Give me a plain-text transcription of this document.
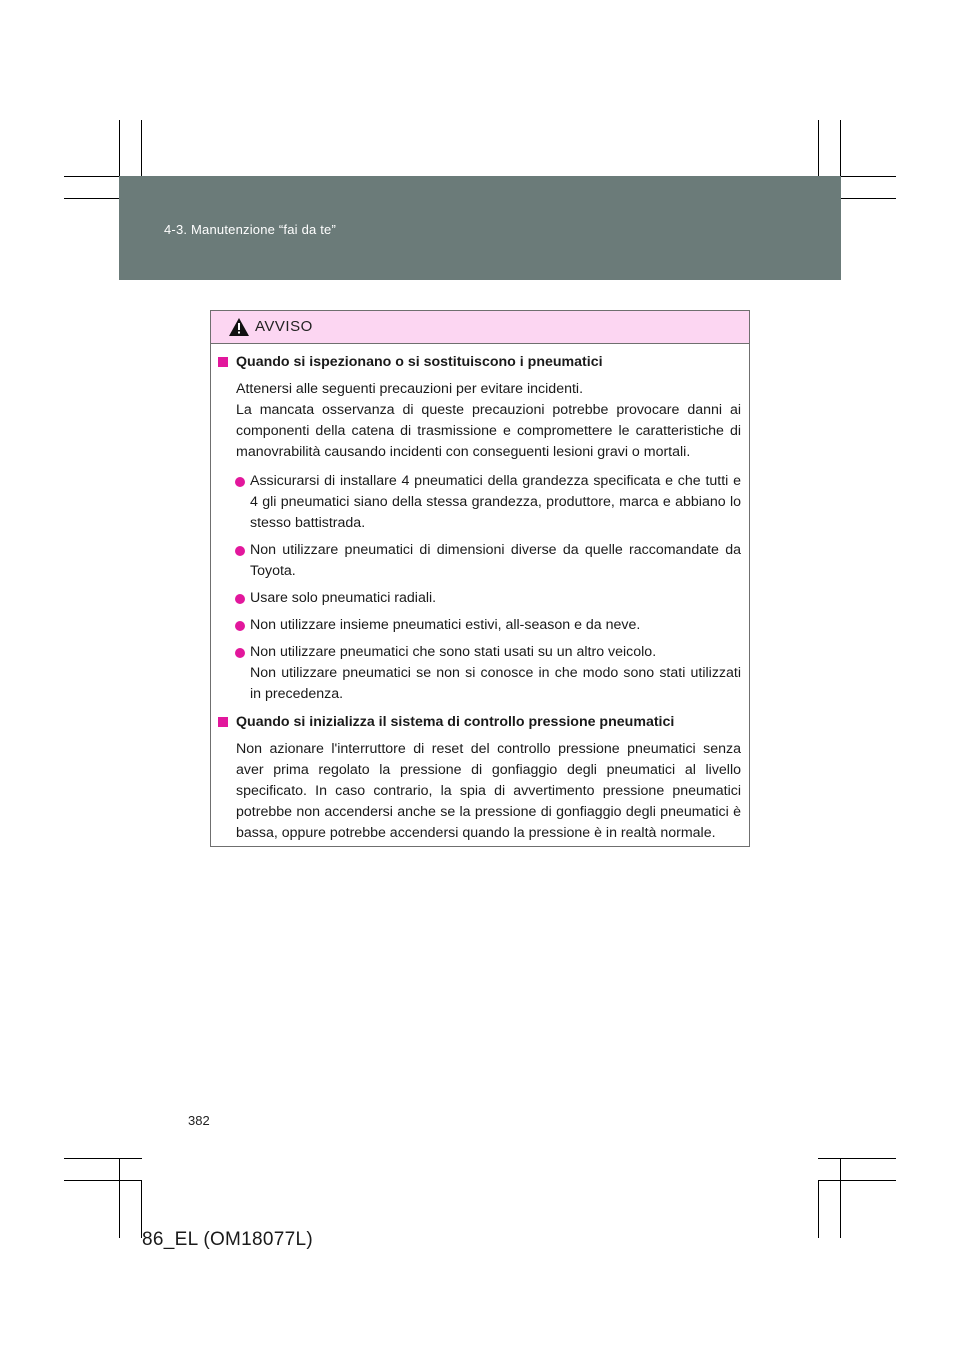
4-3. Manutenzione “fai da te”
AVVISO
Quando si ispezionano o si sostituiscono i pneumatici
Attenersi alle seguenti precauzioni per evitare incidenti.
La mancata osservanza di queste precauzioni potrebbe provocare danni ai componenti della catena di trasmissione e compromettere le caratteristiche di manovrabilità causando incidenti con conseguenti lesioni gravi o mortali.
Assicurarsi di installare 4 pneumatici della grandezza specificata e che tutti e 4 gli pneumatici siano della stessa grandezza, produttore, marca e abbiano lo stesso battistrada.
Non utilizzare pneumatici di dimensioni diverse da quelle raccomandate da Toyota.
Usare solo pneumatici radiali.
Non utilizzare insieme pneumatici estivi, all-season e da neve.
Non utilizzare pneumatici che sono stati usati su un altro veicolo.
Non utilizzare pneumatici se non si conosce in che modo sono stati utilizzati in precedenza.
Quando si inizializza il sistema di controllo pressione pneumatici
Non azionare l'interruttore di reset del controllo pressione pneumatici senza aver prima regolato la pressione di gonfiaggio degli pneumatici al livello specificato. In caso contrario, la spia di avvertimento pressione pneumatici potrebbe non accendersi anche se la pressione di gonfiaggio degli pneumatici è bassa, oppure potrebbe accendersi quando la pressione è in realtà normale.
382
86_EL (OM18077L)
